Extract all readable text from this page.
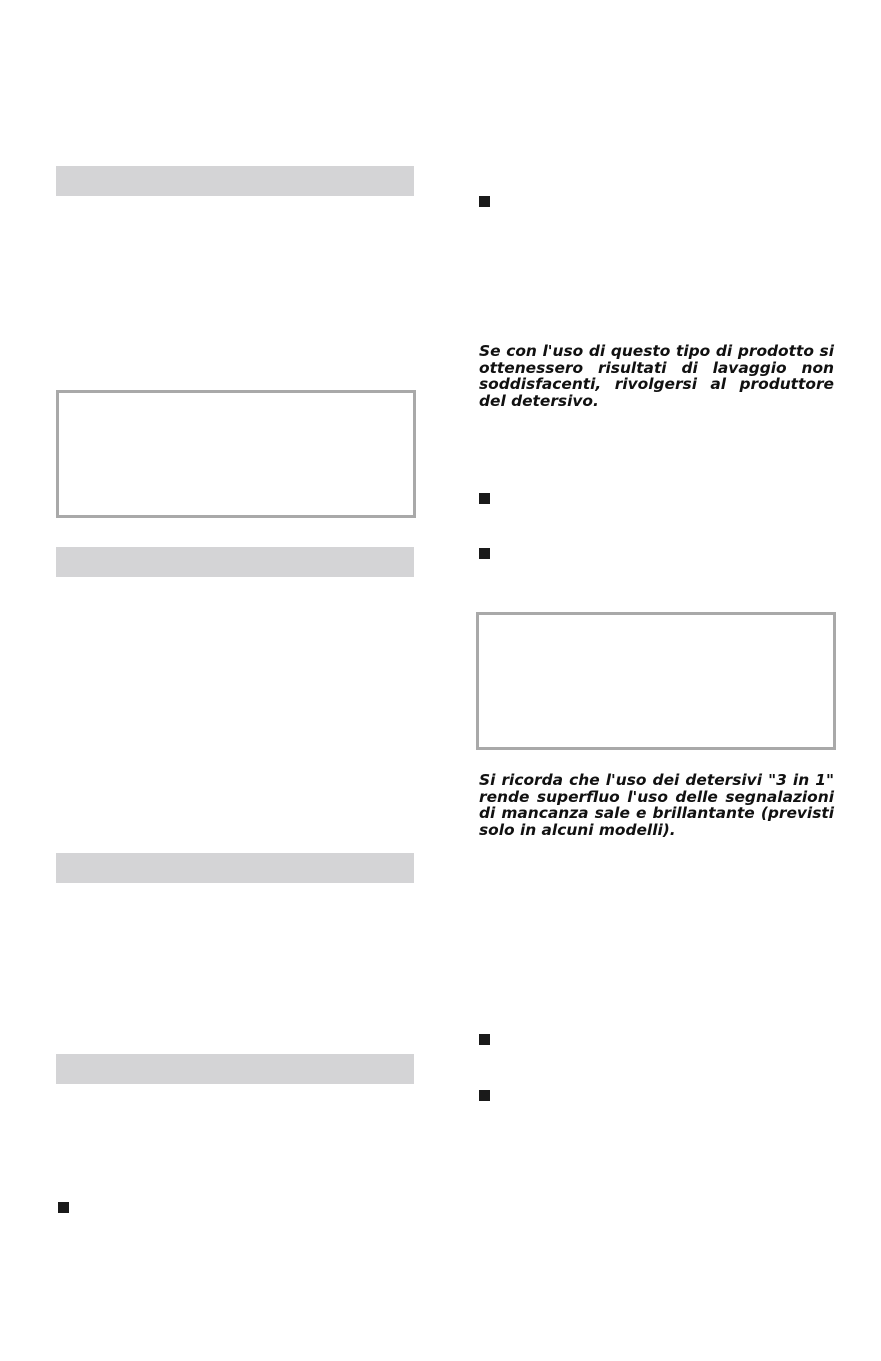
Se con l'uso di questo tipo di prodotto si ottenessero risultati di lavaggio non soddisfacenti, rivolgersi al produttore del detersivo.

Si ricorda che l'uso dei detersivi "3 in 1" rende superfluo l'uso delle segnalazioni di mancanza sale e brillantante (previsti solo in alcuni modelli).
